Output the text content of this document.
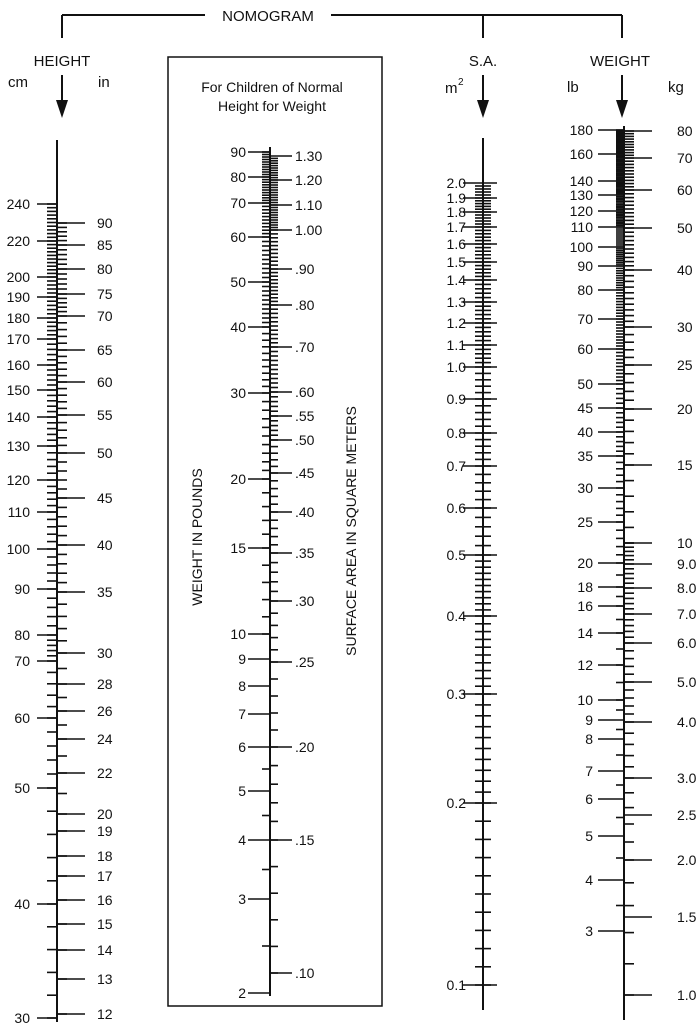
NOMOGRAM
HEIGHT
cm	in
S.A.
m 2
WEIGHT
lb	kg
For Children of Normal
Height for Weight
WEIGHT IN POUNDS	SURFACE AREA IN SQUARE METERS
240
220
200
190
180
170
160
150
140
130
120
110
100
90
80
70
60
50
40
30
90
85
80
75
70
65
60
55
50
45
40
35
30
28
26
24
22
20
19
18
17
16
15
14
13
12
90
80
70
60
50
40
30
20
15
10
9
8
7
6
5
4
3
2
1.30
1.20
1.10
1.00
.90
.80
.70
.60
.55
.50
.45
.40
.35
.30
.25
.20
.15
.10
2.0
1.9
1.8
1.7
1.6
1.5
1.4
1.3
1.2
1.1
1.0
0.9
0.8
0.7
0.6
0.5
0.4
0.3
0.2
0.1
180
160
140
130
120
110
100
90
80
70
60
50
45
40
35
30
25
20
18
16
14
12
10
9
8
7
6
5
4
3
80
70
60
50
40
30
25
20
15
10
9.0
8.0
7.0
6.0
5.0
4.0
3.0
2.5
2.0
1.5
1.0
